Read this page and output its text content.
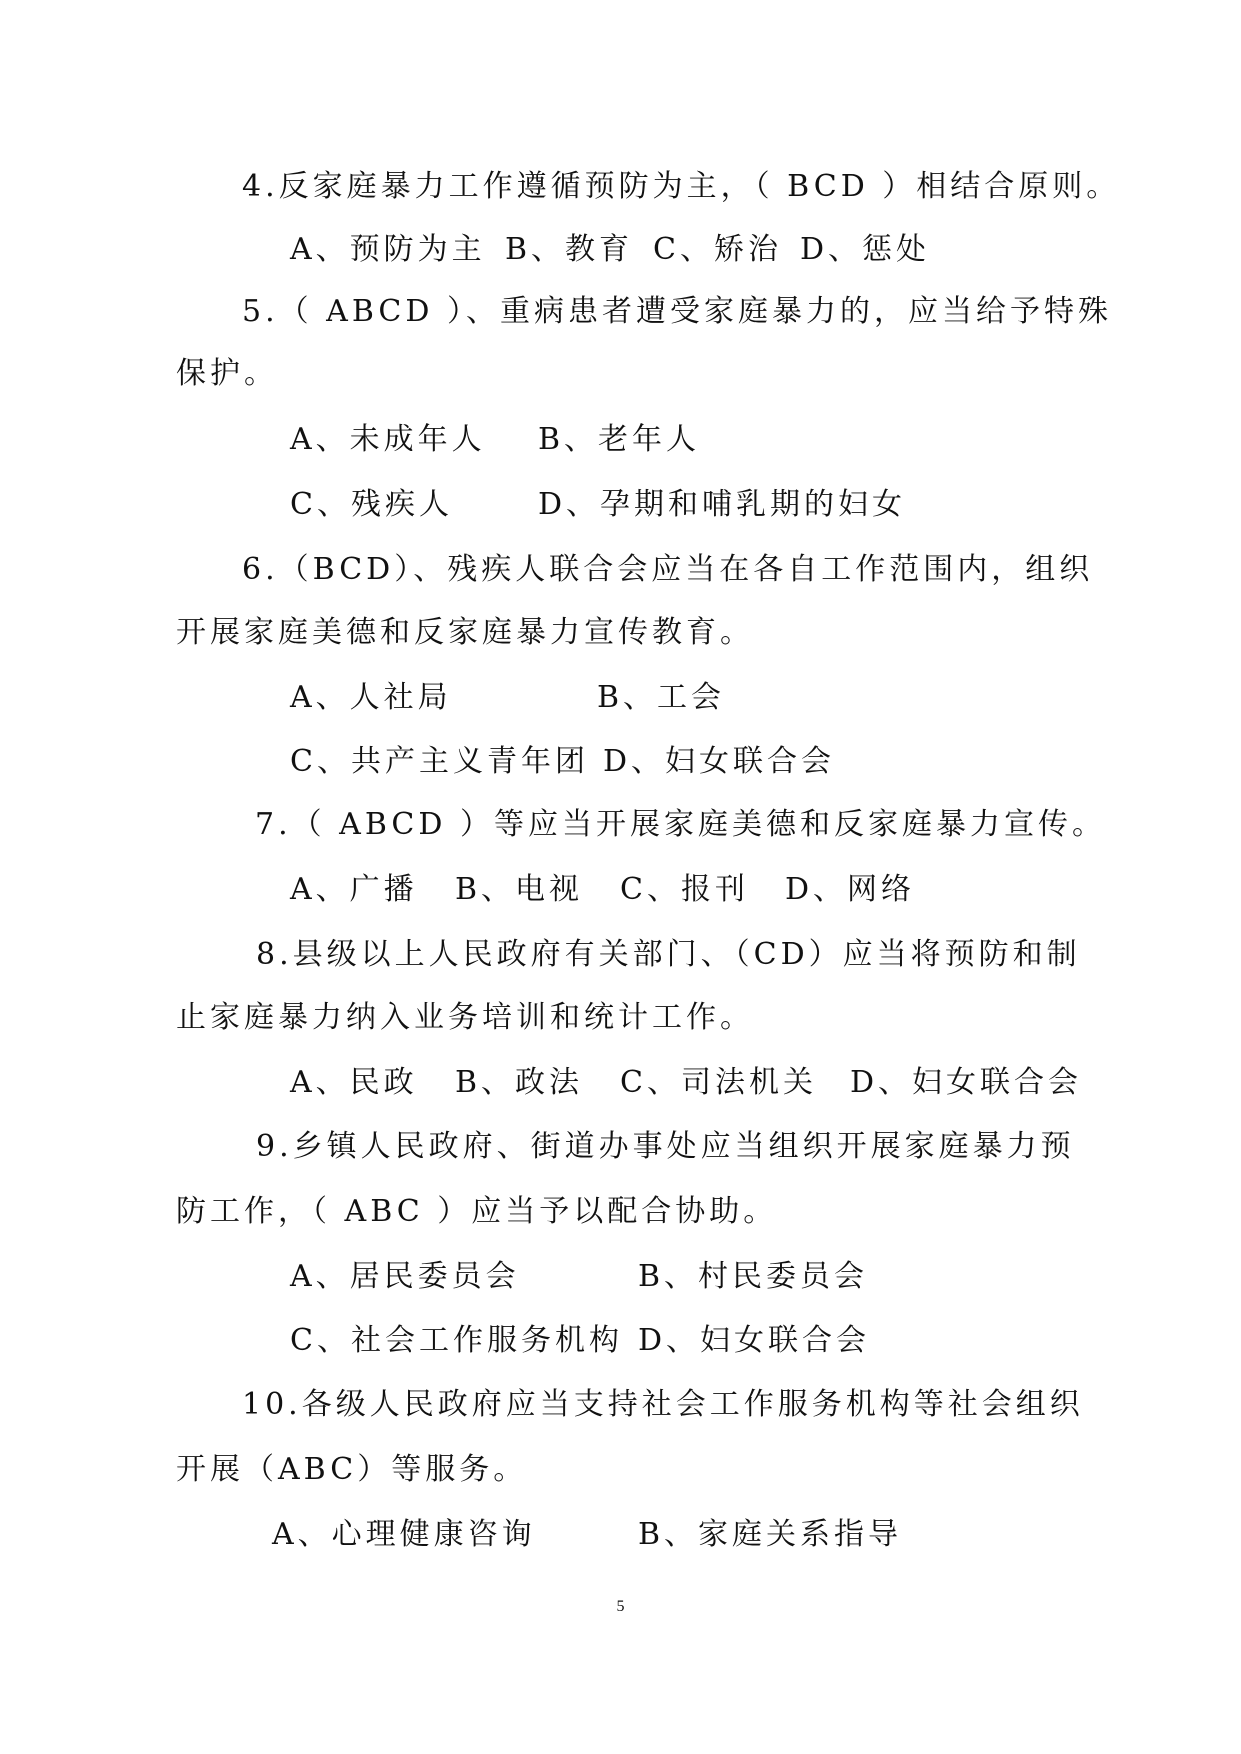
4.反家庭暴力工作遵循预防为主，（ BCD ）相结合原则。
A、预防为主 B、教育 C、矫治 D、惩处
5.（ ABCD ）、重病患者遭受家庭暴力的，应当给予特殊
保护。
A、未成年人 B、老年人
C、残疾人	D、孕期和哺乳期的妇女
6.（BCD）、残疾人联合会应当在各自工作范围内，组织
开展家庭美德和反家庭暴力宣传教育。
A、人社局	B、工会
C、共产主义青年团 D、妇女联合会
7.（ ABCD ）等应当开展家庭美德和反家庭暴力宣传。
A、广播 B、电视 C、报刊 D、网络
8.县级以上人民政府有关部门、（CD）应当将预防和制
止家庭暴力纳入业务培训和统计工作。
A、民政 B、政法 C、司法机关 D、妇女联合会
9.乡镇人民政府、街道办事处应当组织开展家庭暴力预
防工作，（ ABC ）应当予以配合协助。
A、居民委员会	B、村民委员会
C、社会工作服务机构 D、妇女联合会
10.各级人民政府应当支持社会工作服务机构等社会组织
开展（ABC）等服务。
A、心理健康咨询	B、家庭关系指导
5
